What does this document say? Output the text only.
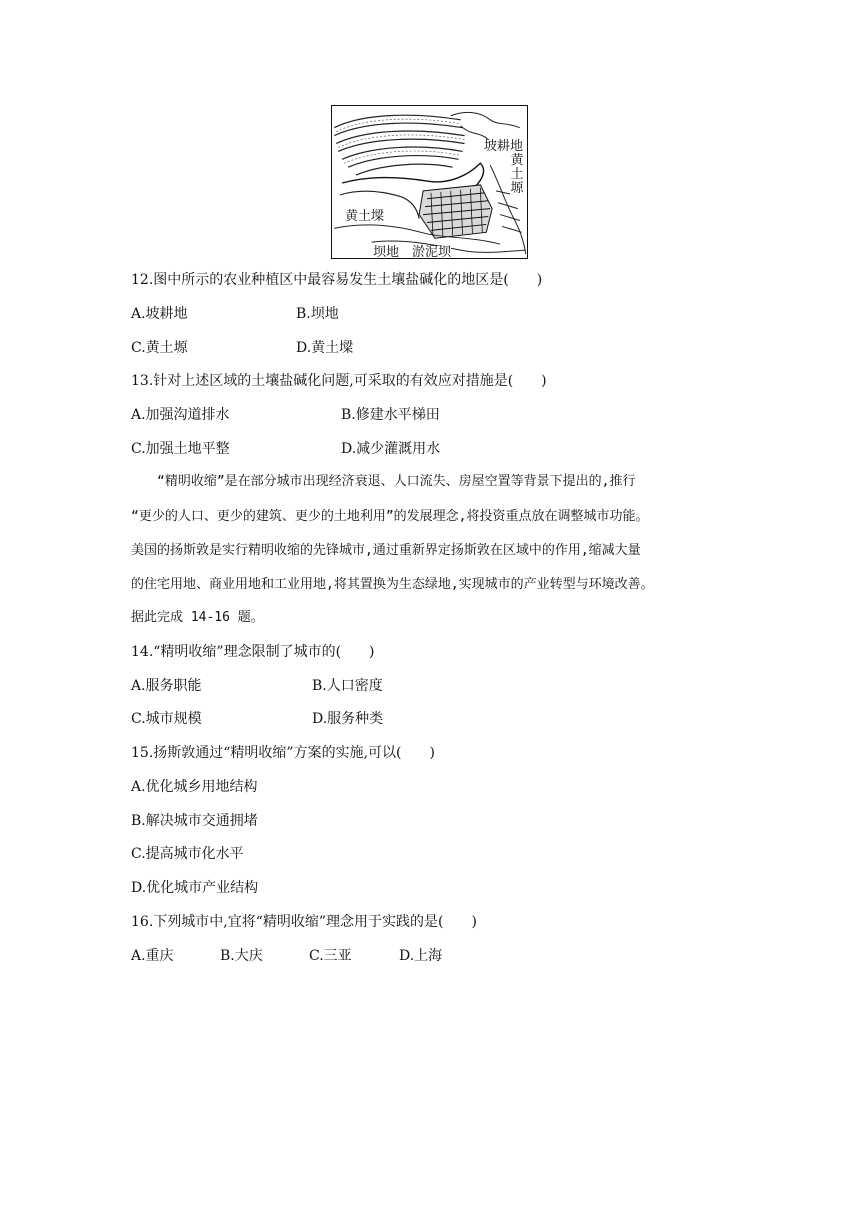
坡耕地
黄土塬
黄土墚
坝地 淤泥坝
12.图中所示的农业种植区中最容易发生土壤盐碱化的地区是(　　)
A.坡耕地	B.坝地
C.黄土塬	D.黄土墚
13.针对上述区域的土壤盐碱化问题,可采取的有效应对措施是(　　)
A.加强沟道排水	B.修建水平梯田
C.加强土地平整	D.减少灌溉用水
　　“精明收缩”是在部分城市出现经济衰退、人口流失、房屋空置等背景下提出的,推行
“更少的人口、更少的建筑、更少的土地利用”的发展理念,将投资重点放在调整城市功能。
美国的扬斯敦是实行精明收缩的先锋城市,通过重新界定扬斯敦在区域中的作用,缩减大量
的住宅用地、商业用地和工业用地,将其置换为生态绿地,实现城市的产业转型与环境改善。
据此完成 14-16 题。
14.“精明收缩”理念限制了城市的(　　)
A.服务职能	B.人口密度
C.城市规模	D.服务种类
15.扬斯敦通过“精明收缩”方案的实施,可以(　　)
A.优化城乡用地结构
B.解决城市交通拥堵
C.提高城市化水平
D.优化城市产业结构
16.下列城市中,宜将“精明收缩”理念用于实践的是(　　)
A.重庆	B.大庆	C.三亚	D.上海
